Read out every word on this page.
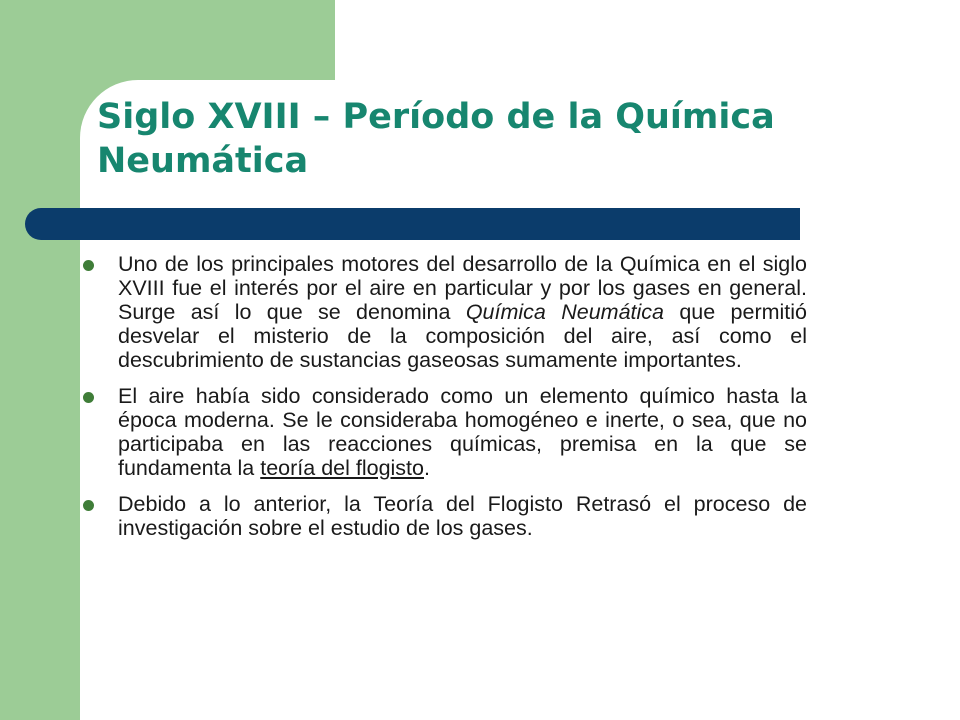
Siglo XVIII – Período de la Química Neumática
Uno de los principales motores del desarrollo de la Química en el siglo XVIII fue el interés por el aire en particular y por los gases en general. Surge así lo que se denomina Química Neumática que permitió desvelar el misterio de la composición del aire, así como el descubrimiento de sustancias gaseosas sumamente importantes.
El aire había sido considerado como un elemento químico hasta la época moderna. Se le consideraba homogéneo e inerte, o sea, que no participaba en las reacciones químicas, premisa en la que se fundamenta la teoría del flogisto.
Debido a lo anterior, la Teoría del Flogisto Retrasó el proceso de investigación sobre el estudio de los gases.
